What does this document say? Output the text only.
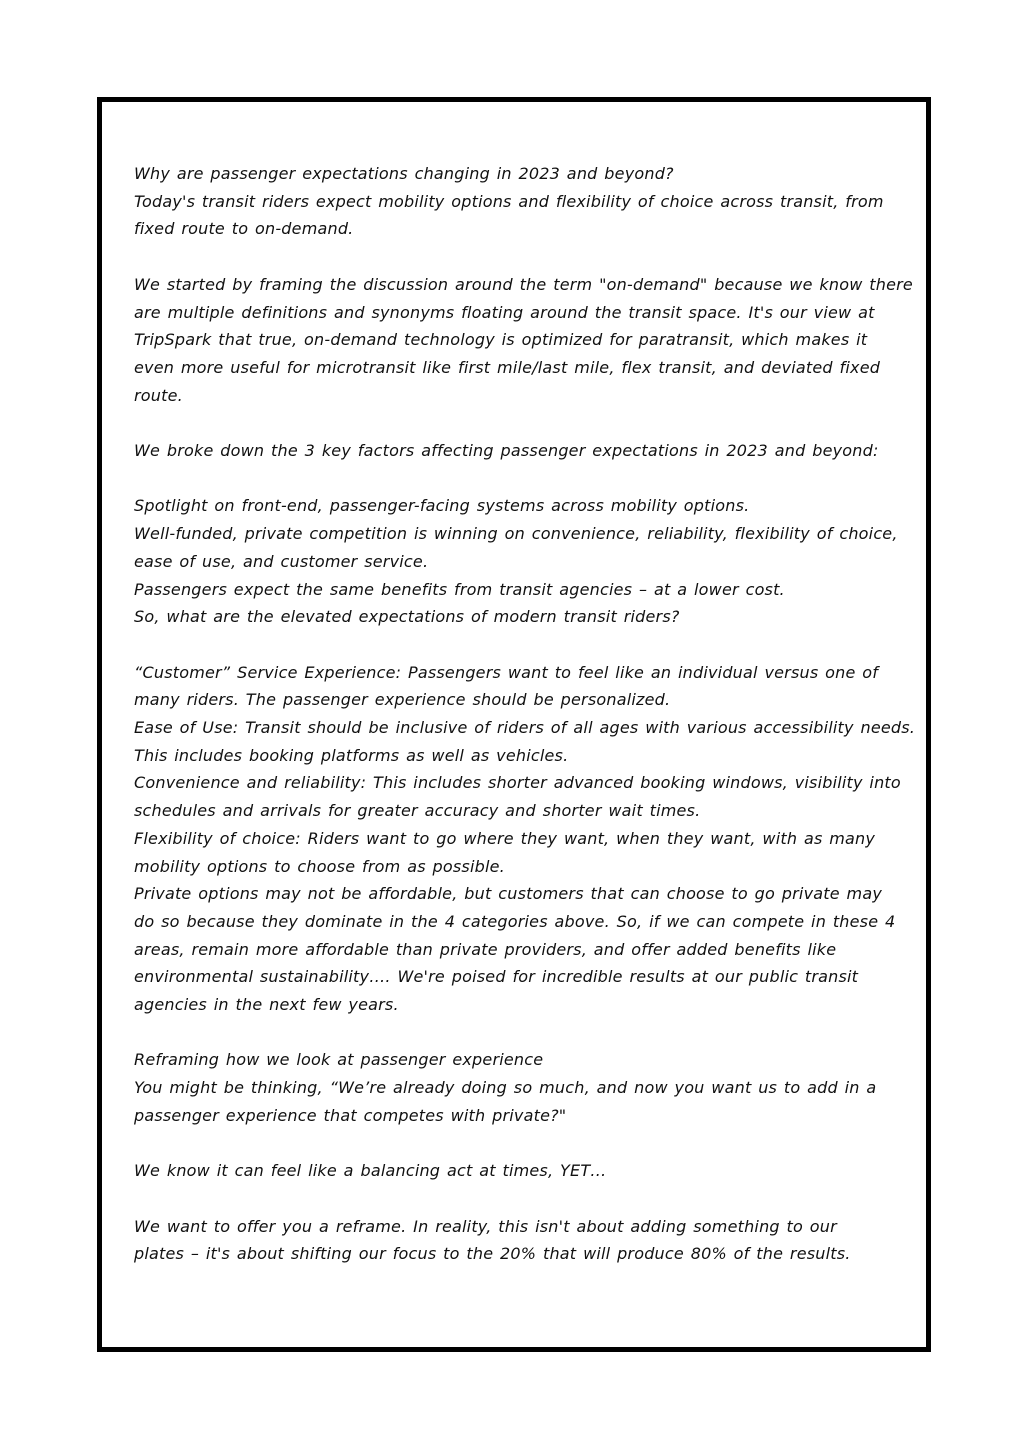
Why are passenger expectations changing in 2023 and beyond?
Today's transit riders expect mobility options and flexibility of choice across transit, from
fixed route to on-demand.
We started by framing the discussion around the term "on-demand" because we know there
are multiple definitions and synonyms floating around the transit space. It's our view at
TripSpark that true, on-demand technology is optimized for paratransit, which makes it
even more useful for microtransit like first mile/last mile, flex transit, and deviated fixed
route.
We broke down the 3 key factors affecting passenger expectations in 2023 and beyond:
Spotlight on front-end, passenger-facing systems across mobility options.
Well-funded, private competition is winning on convenience, reliability, flexibility of choice,
ease of use, and customer service.
Passengers expect the same benefits from transit agencies – at a lower cost.
So, what are the elevated expectations of modern transit riders?
“Customer” Service Experience: Passengers want to feel like an individual versus one of
many riders. The passenger experience should be personalized.
Ease of Use: Transit should be inclusive of riders of all ages with various accessibility needs.
This includes booking platforms as well as vehicles.
Convenience and reliability: This includes shorter advanced booking windows, visibility into
schedules and arrivals for greater accuracy and shorter wait times.
Flexibility of choice: Riders want to go where they want, when they want, with as many
mobility options to choose from as possible.
Private options may not be affordable, but customers that can choose to go private may
do so because they dominate in the 4 categories above. So, if we can compete in these 4
areas, remain more affordable than private providers, and offer added benefits like
environmental sustainability…. We're poised for incredible results at our public transit
agencies in the next few years.
Reframing how we look at passenger experience
You might be thinking, “We’re already doing so much, and now you want us to add in a
passenger experience that competes with private?"
We know it can feel like a balancing act at times, YET…
We want to offer you a reframe. In reality, this isn't about adding something to our
plates – it's about shifting our focus to the 20% that will produce 80% of the results.
